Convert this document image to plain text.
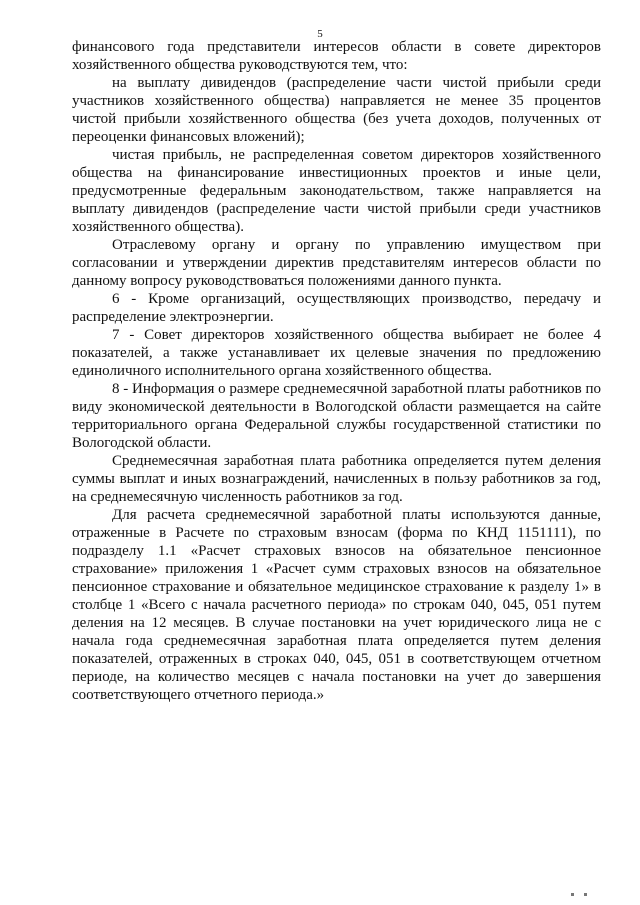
5

финансового года представители интересов области в совете директоров хозяйственного общества руководствуются тем, что:

на выплату дивидендов (распределение части чистой прибыли среди участников хозяйственного общества) направляется не менее 35 процентов чистой прибыли хозяйственного общества (без учета доходов, полученных от переоценки финансовых вложений);

чистая прибыль, не распределенная советом директоров хозяйственного общества на финансирование инвестиционных проектов и иные цели, предусмотренные федеральным законодательством, также направляется на выплату дивидендов (распределение части чистой прибыли среди участников хозяйственного общества).

Отраслевому органу и органу по управлению имуществом при согласовании и утверждении директив представителям интересов области по данному вопросу руководствоваться положениями данного пункта.

6 - Кроме организаций, осуществляющих производство, передачу и распределение электроэнергии.

7 - Совет директоров хозяйственного общества выбирает не более 4 показателей, а также устанавливает их целевые значения по предложению единоличного исполнительного органа хозяйственного общества.

8 - Информация о размере среднемесячной заработной платы работников по виду экономической деятельности в Вологодской области размещается на сайте территориального органа Федеральной службы государственной статистики по Вологодской области.

Среднемесячная заработная плата работника определяется путем деления суммы выплат и иных вознаграждений, начисленных в пользу работников за год, на среднемесячную численность работников за год.

Для расчета среднемесячной заработной платы используются данные, отраженные в Расчете по страховым взносам (форма по КНД 1151111), по подразделу 1.1 «Расчет страховых взносов на обязательное пенсионное страхование» приложения 1 «Расчет сумм страховых взносов на обязательное пенсионное страхование и обязательное медицинское страхование к разделу 1» в столбце 1 «Всего с начала расчетного периода» по строкам 040, 045, 051 путем деления на 12 месяцев. В случае постановки на учет юридического лица не с начала года среднемесячная заработная плата определяется путем деления показателей, отраженных в строках 040, 045, 051 в соответствующем отчетном периоде, на количество месяцев с начала постановки на учет до завершения соответствующего отчетного периода.»
